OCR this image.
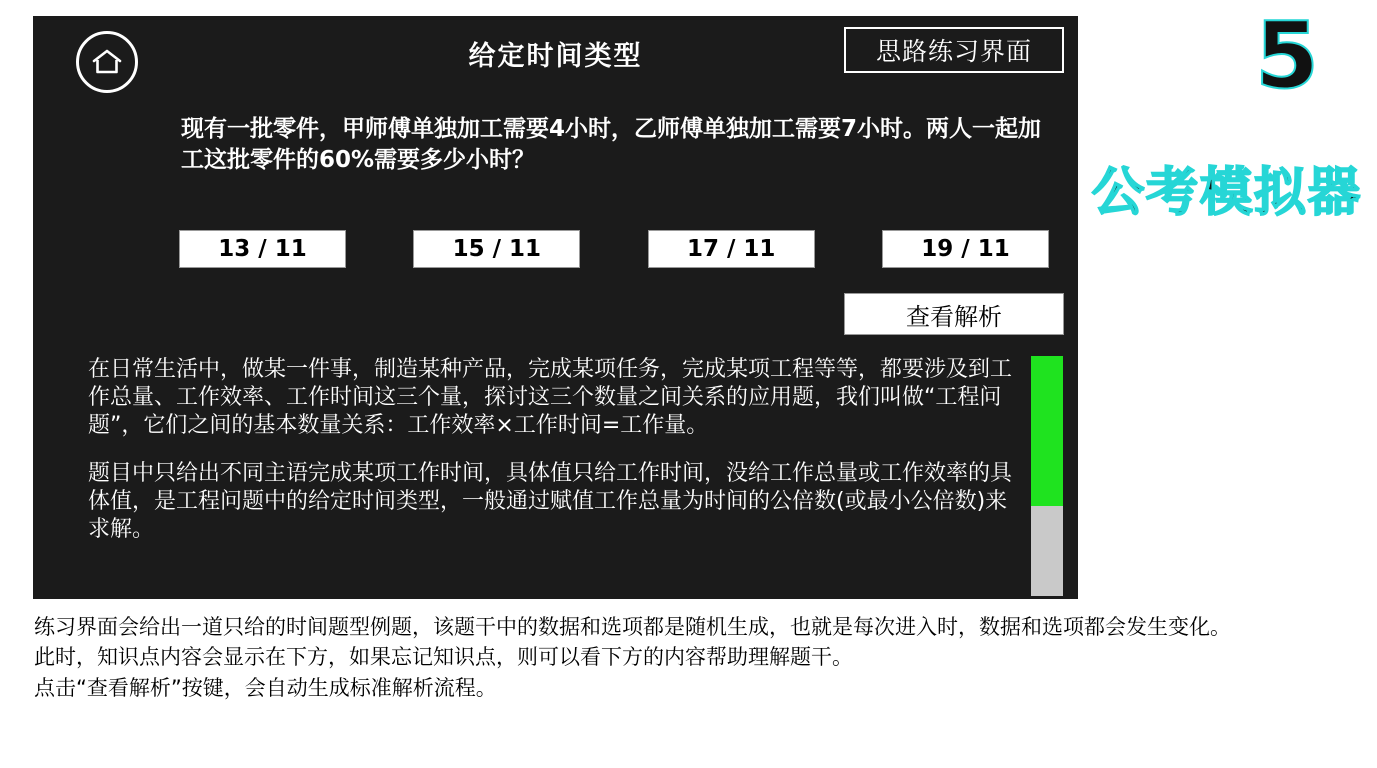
给定时间类型	思路练习界面
现有一批零件，甲师傅单独加工需要4小时，乙师傅单独加工需要7小时。两人一起加工这批零件的60%需要多少小时？
13 / 11	15 / 11	17 / 11	19 / 11
查看解析

在日常生活中，做某一件事，制造某种产品，完成某项任务，完成某项工程等等，都要涉及到工作总量、工作效率、工作时间这三个量，探讨这三个数量之间关系的应用题，我们叫做“工程问题”，它们之间的基本数量关系：工作效率×工作时间=工作量。

题目中只给出不同主语完成某项工作时间，具体值只给工作时间，没给工作总量或工作效率的具体值，是工程问题中的给定时间类型，一般通过赋值工作总量为时间的公倍数(或最小公倍数)来求解。

5
公考模拟器

练习界面会给出一道只给的时间题型例题，该题干中的数据和选项都是随机生成，也就是每次进入时，数据和选项都会发生变化。

此时，知识点内容会显示在下方，如果忘记知识点，则可以看下方的内容帮助理解题干。

点击“查看解析”按键，会自动生成标准解析流程。
